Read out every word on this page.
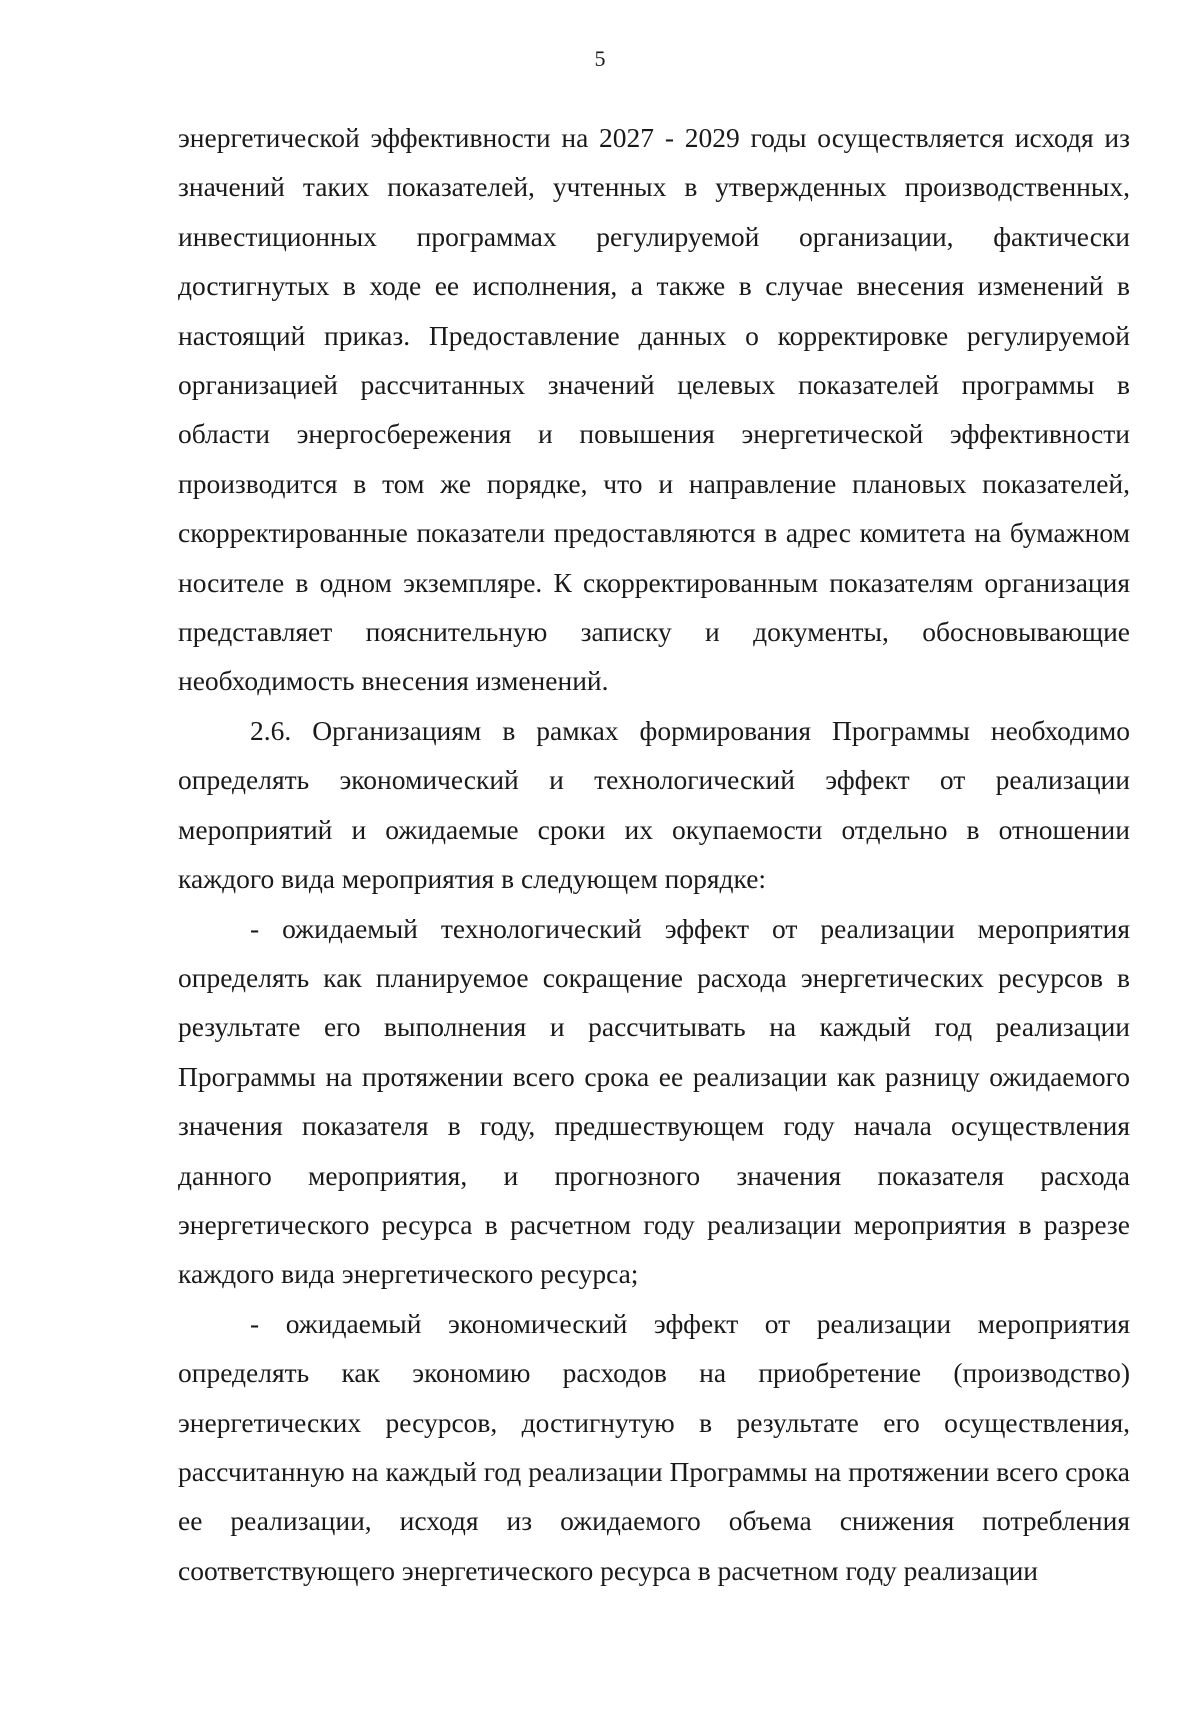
5

энергетической эффективности на 2027 - 2029 годы осуществляется исходя из значений таких показателей, учтенных в утвержденных производственных, инвестиционных программах регулируемой организации, фактически достигнутых в ходе ее исполнения, а также в случае внесения изменений в настоящий приказ. Предоставление данных о корректировке регулируемой организацией рассчитанных значений целевых показателей программы в области энергосбережения и повышения энергетической эффективности производится в том же порядке, что и направление плановых показателей, скорректированные показатели предоставляются в адрес комитета на бумажном носителе в одном экземпляре. К скорректированным показателям организация представляет пояснительную записку и документы, обосновывающие необходимость внесения изменений.

2.6. Организациям в рамках формирования Программы необходимо определять экономический и технологический эффект от реализации мероприятий и ожидаемые сроки их окупаемости отдельно в отношении каждого вида мероприятия в следующем порядке:

- ожидаемый технологический эффект от реализации мероприятия определять как планируемое сокращение расхода энергетических ресурсов в результате его выполнения и рассчитывать на каждый год реализации Программы на протяжении всего срока ее реализации как разницу ожидаемого значения показателя в году, предшествующем году начала осуществления данного мероприятия, и прогнозного значения показателя расхода энергетического ресурса в расчетном году реализации мероприятия в разрезе каждого вида энергетического ресурса;

- ожидаемый экономический эффект от реализации мероприятия определять как экономию расходов на приобретение (производство) энергетических ресурсов, достигнутую в результате его осуществления, рассчитанную на каждый год реализации Программы на протяжении всего срока ее реализации, исходя из ожидаемого объема снижения потребления соответствующего энергетического ресурса в расчетном году реализации
